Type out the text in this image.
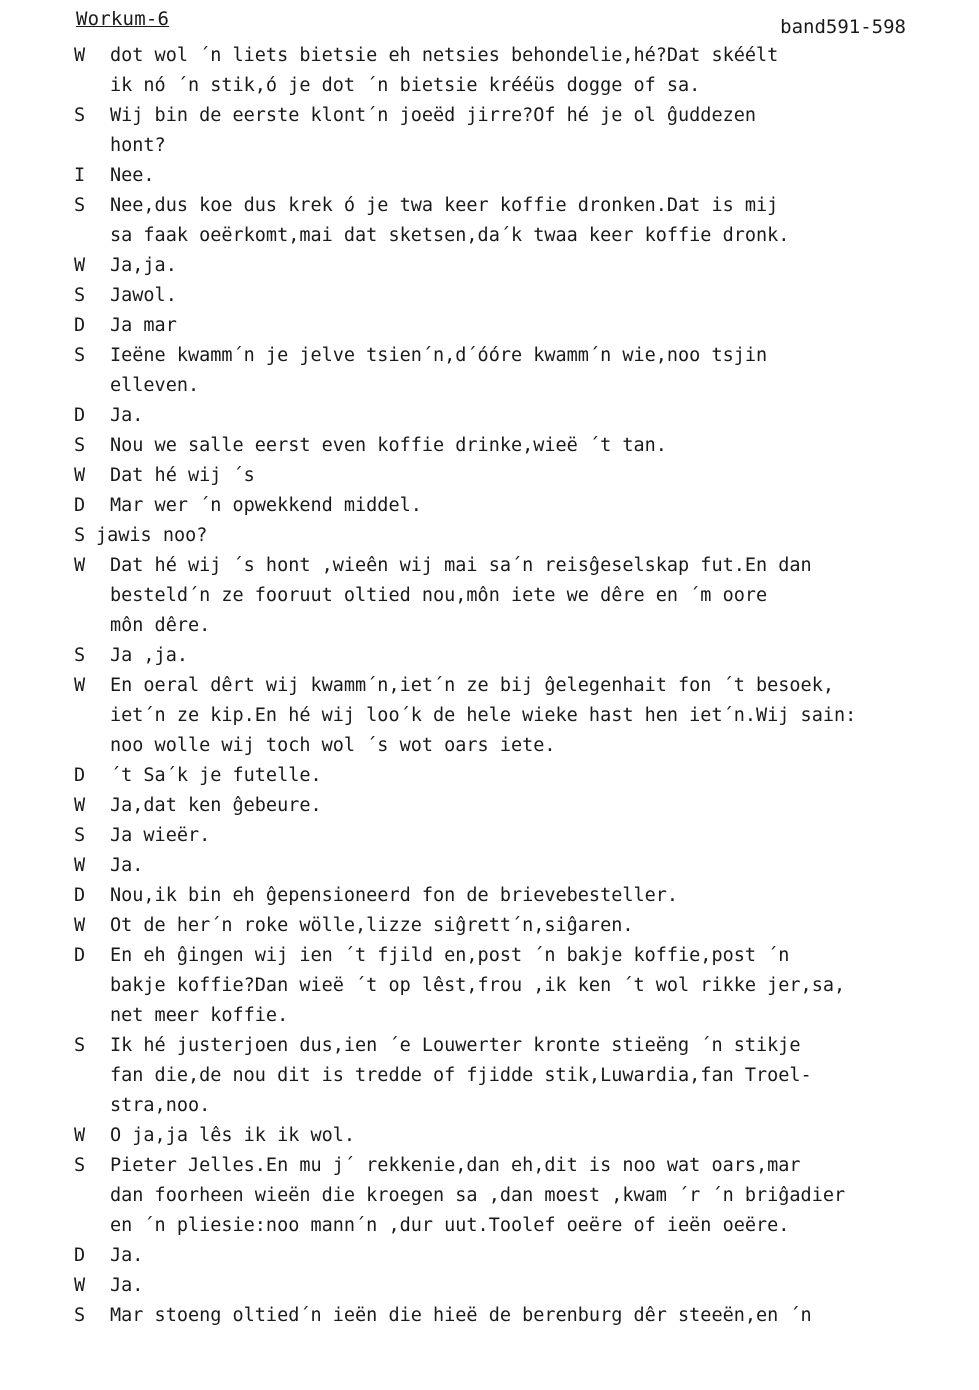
Workum-6	band591-598
W dot wol ´n liets bietsie eh netsies behondelie,hé?Dat skéélt
ik nó ´n stik,ó je dot ´n bietsie krééüs dogge of sa.
S Wij bin de eerste klont´n joeëd jirre?Of hé je ol ĝuddezen
hont?
I Nee.
S Nee,dus koe dus krek ó je twa keer koffie dronken.Dat is mij
sa faak oeërkomt,mai dat sketsen,da´k twaa keer koffie dronk.
W Ja,ja.
S Jawol.
D Ja mar
S Ieëne kwamm´n je jelve tsien´n,d´óóre kwamm´n wie,noo tsjin
elleven.
D Ja.
S Nou we salle eerst even koffie drinke,wieë ´t tan.
W Dat hé wij ´s
D Mar wer ´n opwekkend middel.
S jawis noo?
W Dat hé wij ´s hont ,wieên wij mai sa´n reisĝeselskap fut.En dan
besteld´n ze fooruut oltied nou,môn iete we dêre en ´m oore
môn dêre.
S Ja ,ja.
W En oeral dêrt wij kwamm´n,iet´n ze bij ĝelegenhait fon ´t besoek,
iet´n ze kip.En hé wij loo´k de hele wieke hast hen iet´n.Wij sain:
noo wolle wij toch wol ´s wot oars iete.
D ´t Sa´k je futelle.
W Ja,dat ken ĝebeure.
S Ja wieër.
W Ja.
D Nou,ik bin eh ĝepensioneerd fon de brievebesteller.
W Ot de her´n roke wölle,lizze siĝrett´n,siĝaren.
D En eh ĝingen wij ien ´t fjild en,post ´n bakje koffie,post ´n
bakje koffie?Dan wieë ´t op lêst,frou ,ik ken ´t wol rikke jer,sa,
net meer koffie.
S Ik hé justerjoen dus,ien ´e Louwerter kronte stieëng ´n stikje
fan die,de nou dit is tredde of fjidde stik,Luwardia,fan Troel-
stra,noo.
W O ja,ja lês ik ik wol.
S Pieter Jelles.En mu j´ rekkenie,dan eh,dit is noo wat oars,mar
dan foorheen wieën die kroegen sa ,dan moest ,kwam ´r ´n briĝadier
en ´n pliesie:noo mann´n ,dur uut.Toolef oeëre of ieën oeëre.
D Ja.
W Ja.
S Mar stoeng oltied´n ieën die hieë de berenburg dêr steeën,en ´n
